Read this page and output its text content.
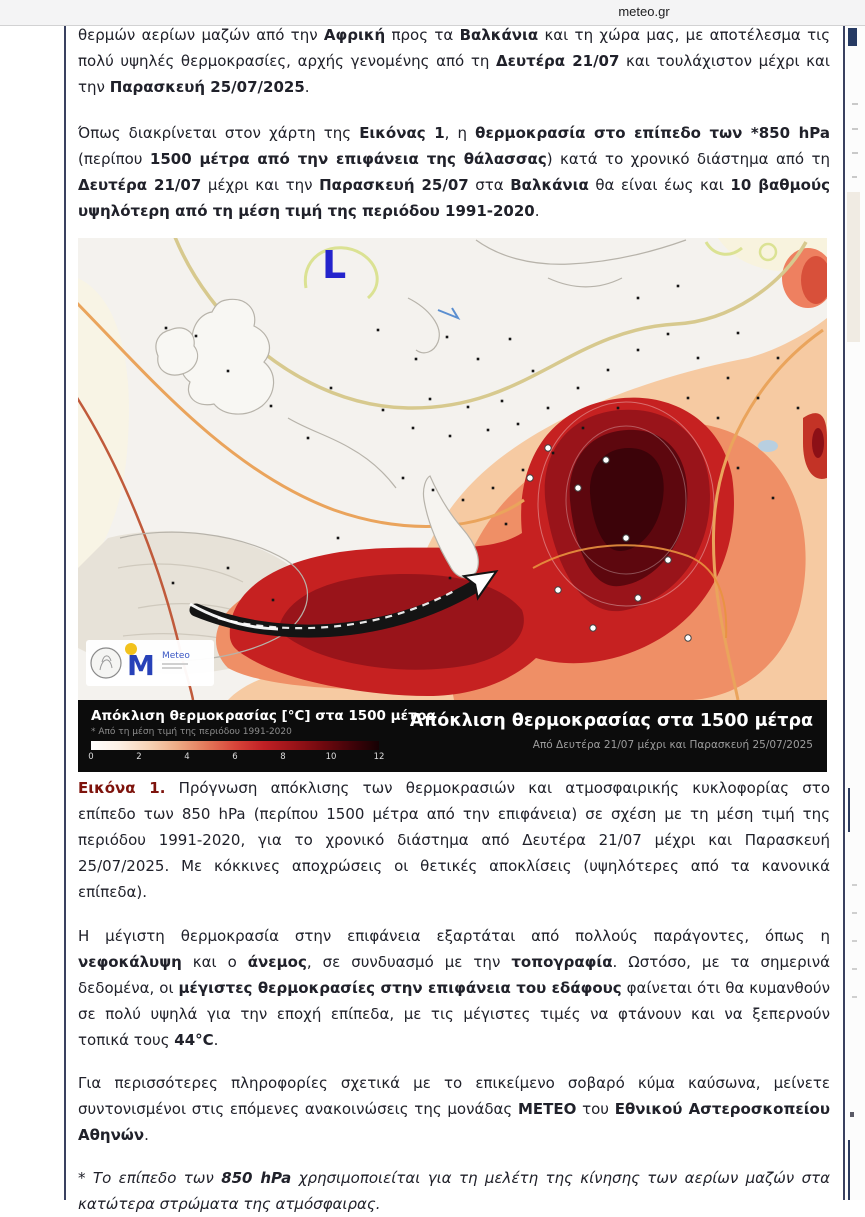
meteo.gr
θερμών αερίων μαζών από την Αφρική προς τα Βαλκάνια και τη χώρα μας, με αποτέλεσμα τις
πολύ υψηλές θερμοκρασίες, αρχής γενομένης από τη Δευτέρα 21/07 και τουλάχιστον μέχρι και
την Παρασκευή 25/07/2025.
Όπως διακρίνεται στον χάρτη της Εικόνας 1, η θερμοκρασία στο επίπεδο των *850 hPa
(περίπου 1500 μέτρα από την επιφάνεια της θάλασσας) κατά το χρονικό διάστημα από τη
Δευτέρα 21/07 μέχρι και την Παρασκευή 25/07 στα Βαλκάνια θα είναι έως και 10 βαθμούς
υψηλότερη από τη μέση τιμή της περιόδου 1991-2020.
L
M Meteo
Απόκλιση θερμοκρασίας [°C] στα 1500 μέτρα
* Από τη μέση τιμή της περιόδου 1991-2020
0	2	4	6	8	10	12
Απόκλιση θερμοκρασίας στα 1500 μέτρα
Από Δευτέρα 21/07 μέχρι και Παρασκευή 25/07/2025
Εικόνα 1. Πρόγνωση απόκλισης των θερμοκρασιών και ατμοσφαιρικής κυκλοφορίας στο
επίπεδο των 850 hPa (περίπου 1500 μέτρα από την επιφάνεια) σε σχέση με τη μέση τιμή της
περιόδου 1991-2020, για το χρονικό διάστημα από Δευτέρα 21/07 μέχρι και Παρασκευή
25/07/2025. Με κόκκινες αποχρώσεις οι θετικές αποκλίσεις (υψηλότερες από τα κανονικά
επίπεδα).
Η μέγιστη θερμοκρασία στην επιφάνεια εξαρτάται από πολλούς παράγοντες, όπως η
νεφοκάλυψη και ο άνεμος, σε συνδυασμό με την τοπογραφία. Ωστόσο, με τα σημερινά
δεδομένα, οι μέγιστες θερμοκρασίες στην επιφάνεια του εδάφους φαίνεται ότι θα κυμανθούν
σε πολύ υψηλά για την εποχή επίπεδα, με τις μέγιστες τιμές να φτάνουν και να ξεπερνούν
τοπικά τους 44°C.
Για περισσότερες πληροφορίες σχετικά με το επικείμενο σοβαρό κύμα καύσωνα, μείνετε
συντονισμένοι στις επόμενες ανακοινώσεις της μονάδας ΜΕΤΕΟ του Εθνικού Αστεροσκοπείου
Αθηνών.
* Το επίπεδο των 850 hPa χρησιμοποιείται για τη μελέτη της κίνησης των αερίων μαζών στα
κατώτερα στρώματα της ατμόσφαιρας.
